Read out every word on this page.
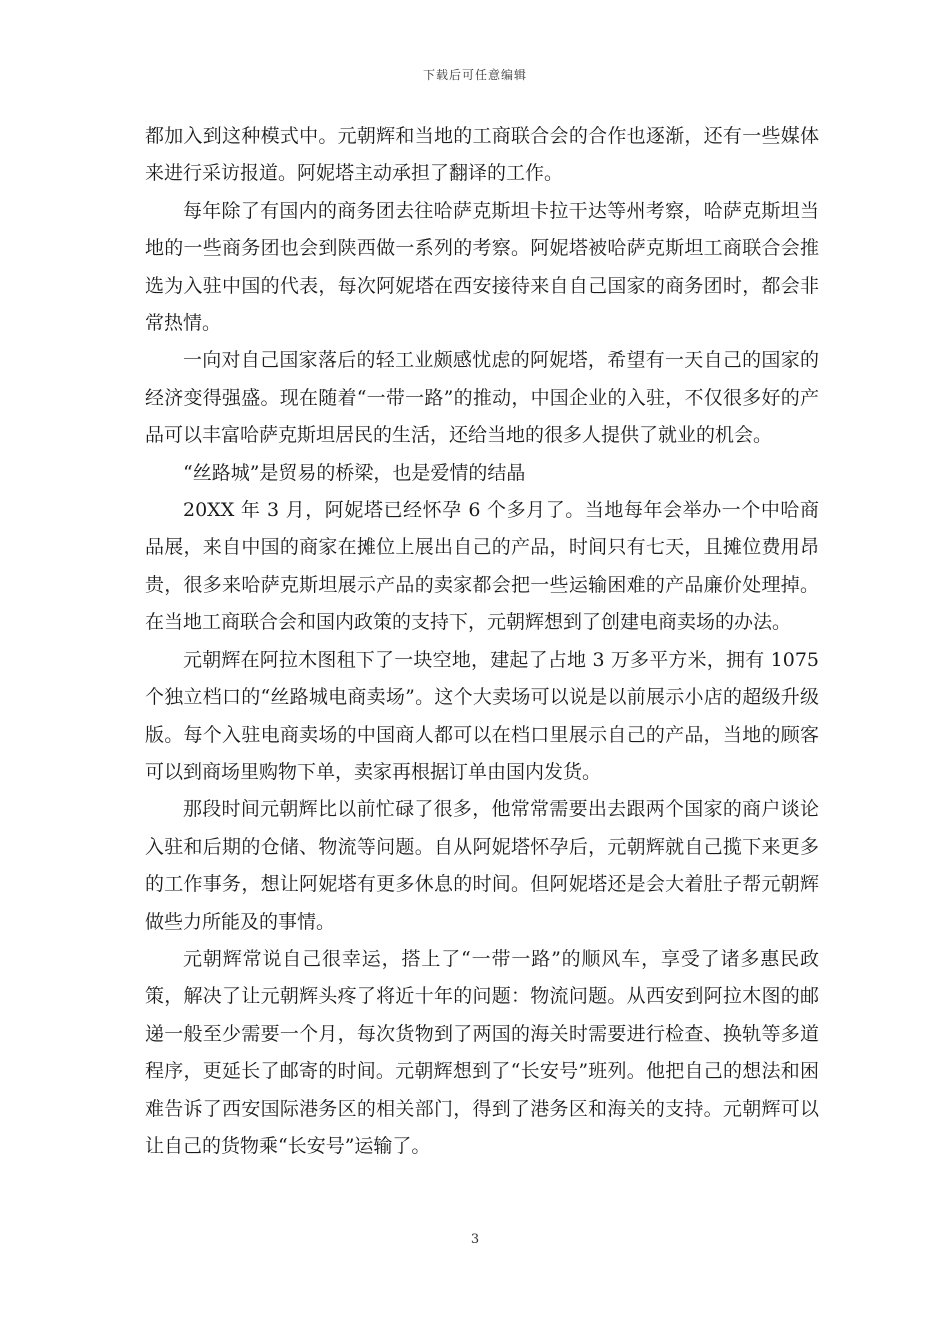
下载后可任意编辑

都加入到这种模式中。元朝辉和当地的工商联合会的合作也逐渐，还有一些媒体来进行采访报道。阿妮塔主动承担了翻译的工作。

每年除了有国内的商务团去往哈萨克斯坦卡拉干达等州考察，哈萨克斯坦当地的一些商务团也会到陕西做一系列的考察。阿妮塔被哈萨克斯坦工商联合会推选为入驻中国的代表，每次阿妮塔在西安接待来自自己国家的商务团时，都会非常热情。

一向对自己国家落后的轻工业颇感忧虑的阿妮塔，希望有一天自己的国家的经济变得强盛。现在随着“一带一路”的推动，中国企业的入驻，不仅很多好的产品可以丰富哈萨克斯坦居民的生活，还给当地的很多人提供了就业的机会。

“丝路城”是贸易的桥梁，也是爱情的结晶

20XX 年 3 月，阿妮塔已经怀孕 6 个多月了。当地每年会举办一个中哈商品展，来自中国的商家在摊位上展出自己的产品，时间只有七天，且摊位费用昂贵，很多来哈萨克斯坦展示产品的卖家都会把一些运输困难的产品廉价处理掉。在当地工商联合会和国内政策的支持下，元朝辉想到了创建电商卖场的办法。

元朝辉在阿拉木图租下了一块空地，建起了占地 3 万多平方米，拥有 1075 个独立档口的“丝路城电商卖场”。这个大卖场可以说是以前展示小店的超级升级版。每个入驻电商卖场的中国商人都可以在档口里展示自己的产品，当地的顾客可以到商场里购物下单，卖家再根据订单由国内发货。

那段时间元朝辉比以前忙碌了很多，他常常需要出去跟两个国家的商户谈论入驻和后期的仓储、物流等问题。自从阿妮塔怀孕后，元朝辉就自己揽下来更多的工作事务，想让阿妮塔有更多休息的时间。但阿妮塔还是会大着肚子帮元朝辉做些力所能及的事情。

元朝辉常说自己很幸运，搭上了“一带一路”的顺风车，享受了诸多惠民政策，解决了让元朝辉头疼了将近十年的问题：物流问题。从西安到阿拉木图的邮递一般至少需要一个月，每次货物到了两国的海关时需要进行检查、换轨等多道程序，更延长了邮寄的时间。元朝辉想到了“长安号”班列。他把自己的想法和困难告诉了西安国际港务区的相关部门，得到了港务区和海关的支持。元朝辉可以让自己的货物乘“长安号”运输了。

3
